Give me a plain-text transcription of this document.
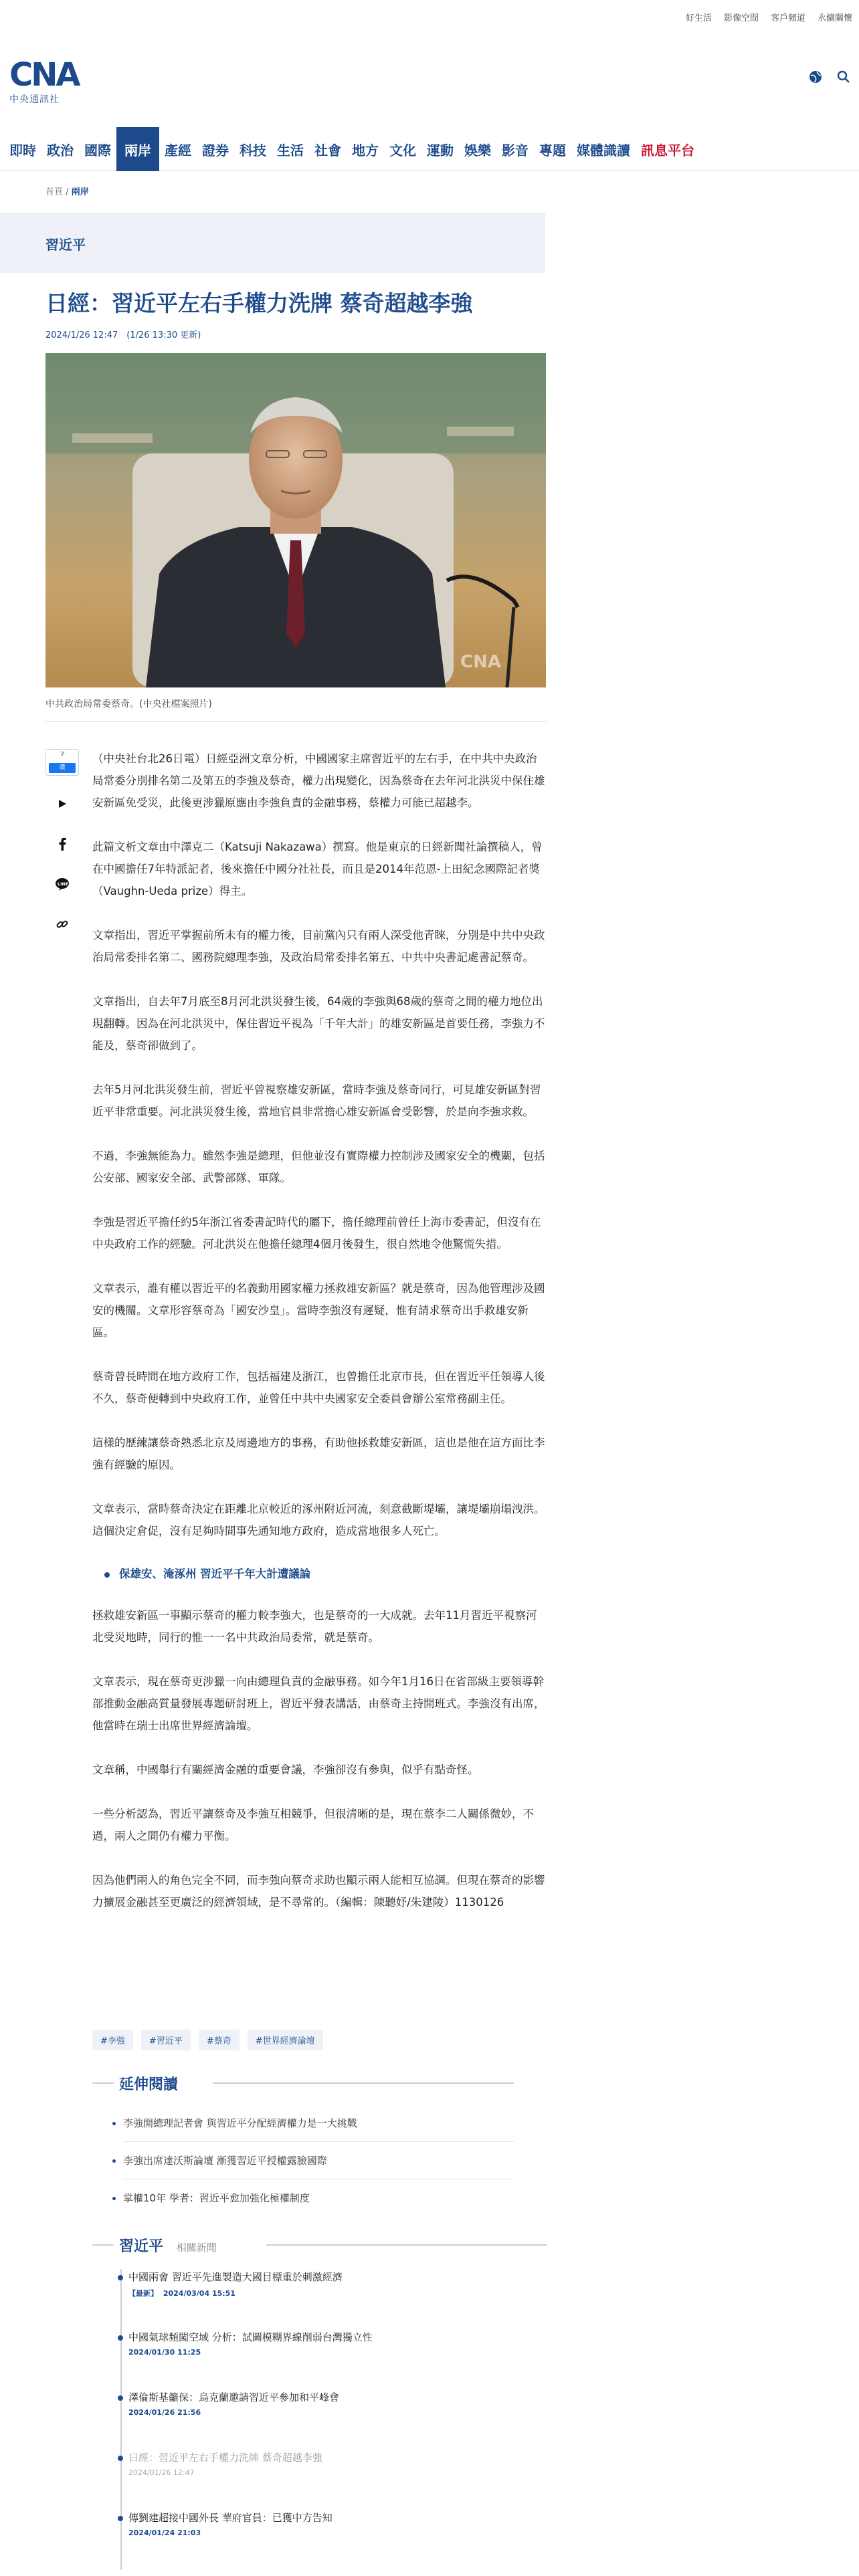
好生活 影像空間 客戶頻道 永續關懷
CNA
中央通訊社
即時 政治 國際	兩岸	產經 證券 科技 生活 社會 地方 文化 運動 娛樂 影音 專題 媒體識讀 訊息平台
首頁 / 兩岸
習近平
日經：習近平左右手權力洗牌 蔡奇超越李強
2024/1/26 12:47　(1/26 13:30 更新)
CNA
中共政治局常委蔡奇。(中央社檔案照片)
7
讚
LINE

（中央社台北26日電）日經亞洲文章分析，中國國家主席習近平的左右手，在中共中央政治局常委分別排名第二及第五的李強及蔡奇，權力出現變化，因為蔡奇在去年河北洪災中保住雄安新區免受災，此後更涉獵原應由李強負責的金融事務，蔡權力可能已超越李。

此篇文析文章由中澤克二（Katsuji Nakazawa）撰寫。他是東京的日經新聞社論撰稿人，曾在中國擔任7年特派記者，後來擔任中國分社社長，而且是2014年范恩-上田紀念國際記者獎（Vaughn-Ueda prize）得主。

文章指出，習近平掌握前所未有的權力後，目前黨內只有兩人深受他青睞，分別是中共中央政治局常委排名第二、國務院總理李強，及政治局常委排名第五、中共中央書記處書記蔡奇。

文章指出，自去年7月底至8月河北洪災發生後，64歲的李強與68歲的蔡奇之間的權力地位出現翻轉。因為在河北洪災中，保住習近平視為「千年大計」的雄安新區是首要任務，李強力不能及，蔡奇卻做到了。

去年5月河北洪災發生前，習近平曾視察雄安新區，當時李強及蔡奇同行，可見雄安新區對習近平非常重要。河北洪災發生後，當地官員非常擔心雄安新區會受影響，於是向李強求救。

不過，李強無能為力。雖然李強是總理，但他並沒有實際權力控制涉及國家安全的機關，包括公安部、國家安全部、武警部隊、軍隊。

李強是習近平擔任約5年浙江省委書記時代的屬下，擔任總理前曾任上海市委書記，但沒有在中央政府工作的經驗。河北洪災在他擔任總理4個月後發生，很自然地令他驚慌失措。

文章表示，誰有權以習近平的名義動用國家權力拯救雄安新區？就是蔡奇，因為他管理涉及國安的機關。文章形容蔡奇為「國安沙皇」。當時李強沒有遲疑，惟有請求蔡奇出手救雄安新區。

蔡奇曾長時間在地方政府工作，包括福建及浙江，也曾擔任北京市長，但在習近平任領導人後不久，蔡奇便轉到中央政府工作，並曾任中共中央國家安全委員會辦公室常務副主任。

這樣的歷練讓蔡奇熟悉北京及周邊地方的事務，有助他拯救雄安新區，這也是他在這方面比李強有經驗的原因。

文章表示，當時蔡奇決定在距離北京較近的涿州附近河流，刻意截斷堤壩，讓堤壩崩塌洩洪。這個決定倉促，沒有足夠時間事先通知地方政府，造成當地很多人死亡。

保雄安、淹涿州 習近平千年大計遭議論

拯救雄安新區一事顯示蔡奇的權力較李強大，也是蔡奇的一大成就。去年11月習近平視察河北受災地時，同行的惟一一名中共政治局委常，就是蔡奇。

文章表示，現在蔡奇更涉獵一向由總理負責的金融事務。如今年1月16日在省部級主要領導幹部推動金融高質量發展專題研討班上，習近平發表講話，由蔡奇主持開班式。李強沒有出席，他當時在瑞士出席世界經濟論壇。

文章稱，中國舉行有關經濟金融的重要會議，李強卻沒有參與，似乎有點奇怪。

一些分析認為，習近平讓蔡奇及李強互相競爭，但很清晰的是，現在蔡李二人關係微妙，不過，兩人之間仍有權力平衡。

因為他們兩人的角色完全不同，而李強向蔡奇求助也顯示兩人能相互協調。但現在蔡奇的影響力擴展金融甚至更廣泛的經濟領域，是不尋常的。（編輯：陳聽妤/朱建陵）1130126

#李強	#習近平	#蔡奇	#世界經濟論壇
延伸閱讀
李強開總理記者會 與習近平分配經濟權力是一大挑戰
李強出席達沃斯論壇 漸獲習近平授權露臉國際
掌權10年 學者：習近平愈加強化極權制度
習近平 相關新聞
中國兩會 習近平先進製造大國目標重於刺激經濟
【最新】 2024/03/04 15:51
中國氣球頻闖空域 分析：試圖模糊界線削弱台灣獨立性
2024/01/30 11:25
澤倫斯基籲保：烏克蘭邀請習近平參加和平峰會
2024/01/26 21:56
日經：習近平左右手權力洗牌 蔡奇超越李強
2024/01/26 12:47
傳劉建超接中國外長 華府官員：已獲中方告知
2024/01/24 21:03
